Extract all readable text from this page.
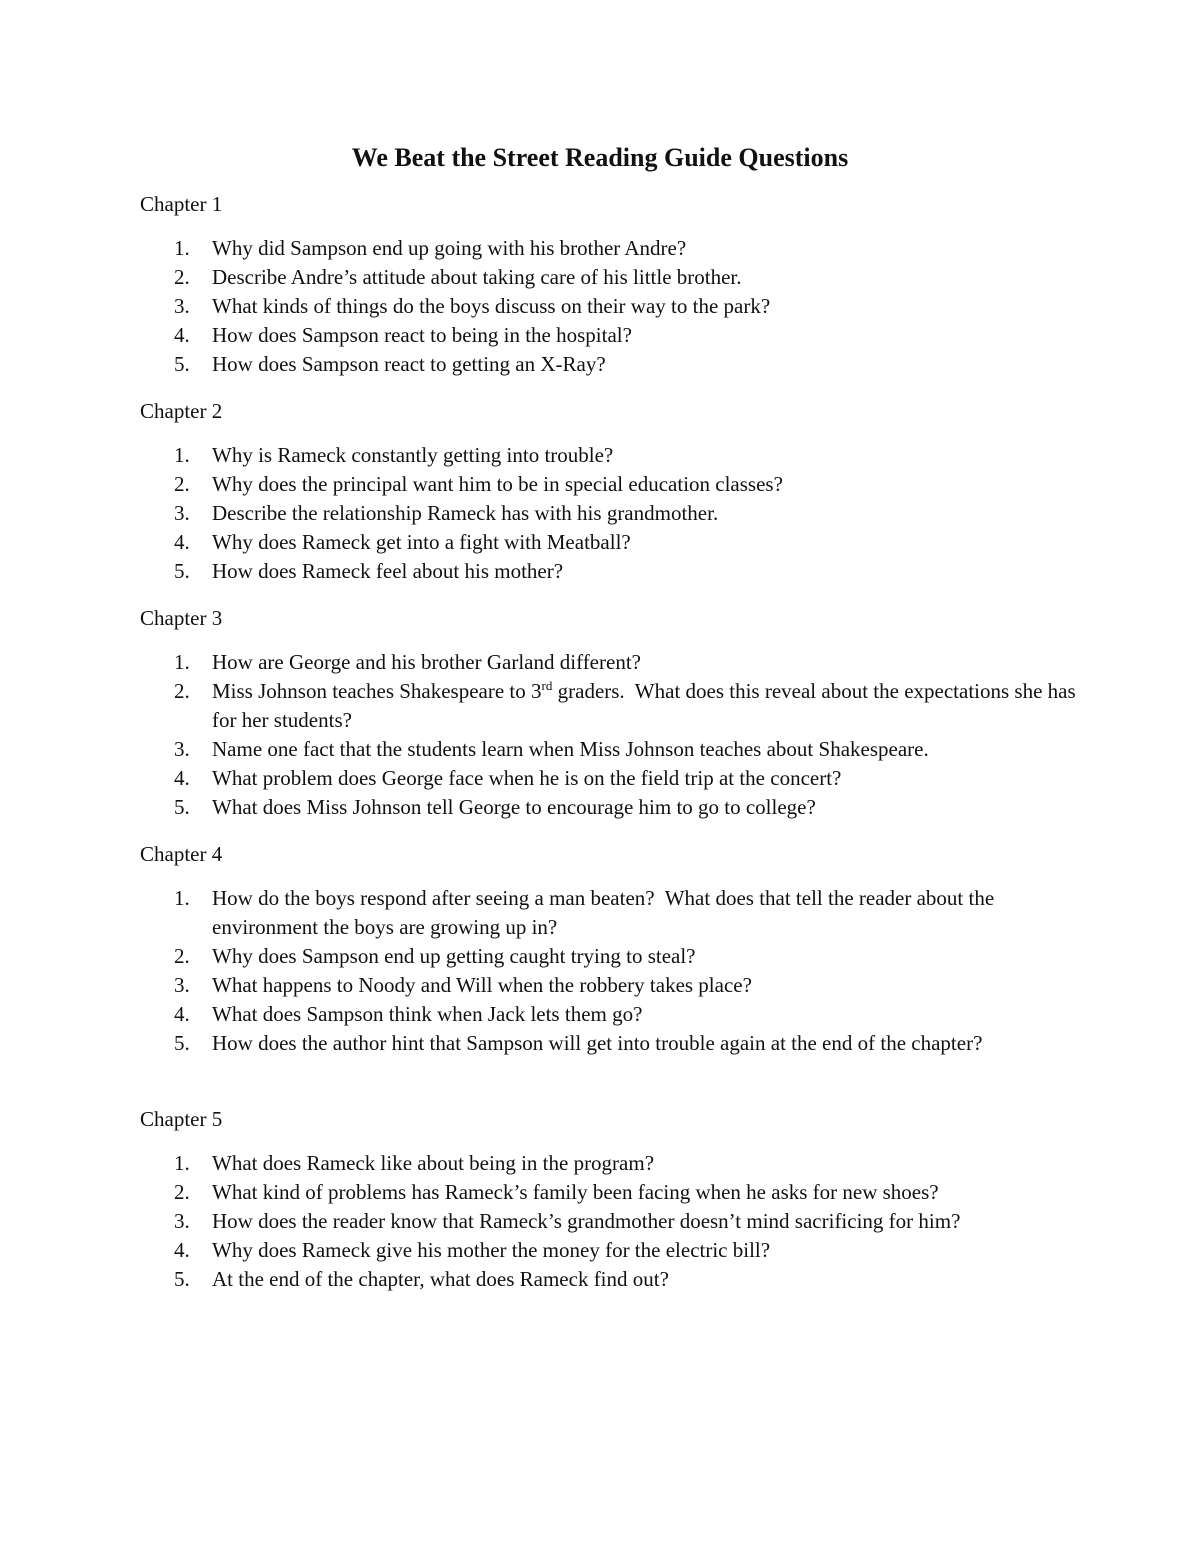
We Beat the Street Reading Guide Questions
Chapter 1
1. Why did Sampson end up going with his brother Andre?
2. Describe Andre’s attitude about taking care of his little brother.
3. What kinds of things do the boys discuss on their way to the park?
4. How does Sampson react to being in the hospital?
5. How does Sampson react to getting an X-Ray?
Chapter 2
1. Why is Rameck constantly getting into trouble?
2. Why does the principal want him to be in special education classes?
3. Describe the relationship Rameck has with his grandmother.
4. Why does Rameck get into a fight with Meatball?
5. How does Rameck feel about his mother?
Chapter 3
1. How are George and his brother Garland different?
2. Miss Johnson teaches Shakespeare to 3rd graders.  What does this reveal about the expectations she has for her students?
3. Name one fact that the students learn when Miss Johnson teaches about Shakespeare.
4. What problem does George face when he is on the field trip at the concert?
5. What does Miss Johnson tell George to encourage him to go to college?
Chapter 4
1. How do the boys respond after seeing a man beaten?  What does that tell the reader about the environment the boys are growing up in?
2. Why does Sampson end up getting caught trying to steal?
3. What happens to Noody and Will when the robbery takes place?
4. What does Sampson think when Jack lets them go?
5. How does the author hint that Sampson will get into trouble again at the end of the chapter?
Chapter 5
1. What does Rameck like about being in the program?
2. What kind of problems has Rameck’s family been facing when he asks for new shoes?
3. How does the reader know that Rameck’s grandmother doesn’t mind sacrificing for him?
4. Why does Rameck give his mother the money for the electric bill?
5. At the end of the chapter, what does Rameck find out?
